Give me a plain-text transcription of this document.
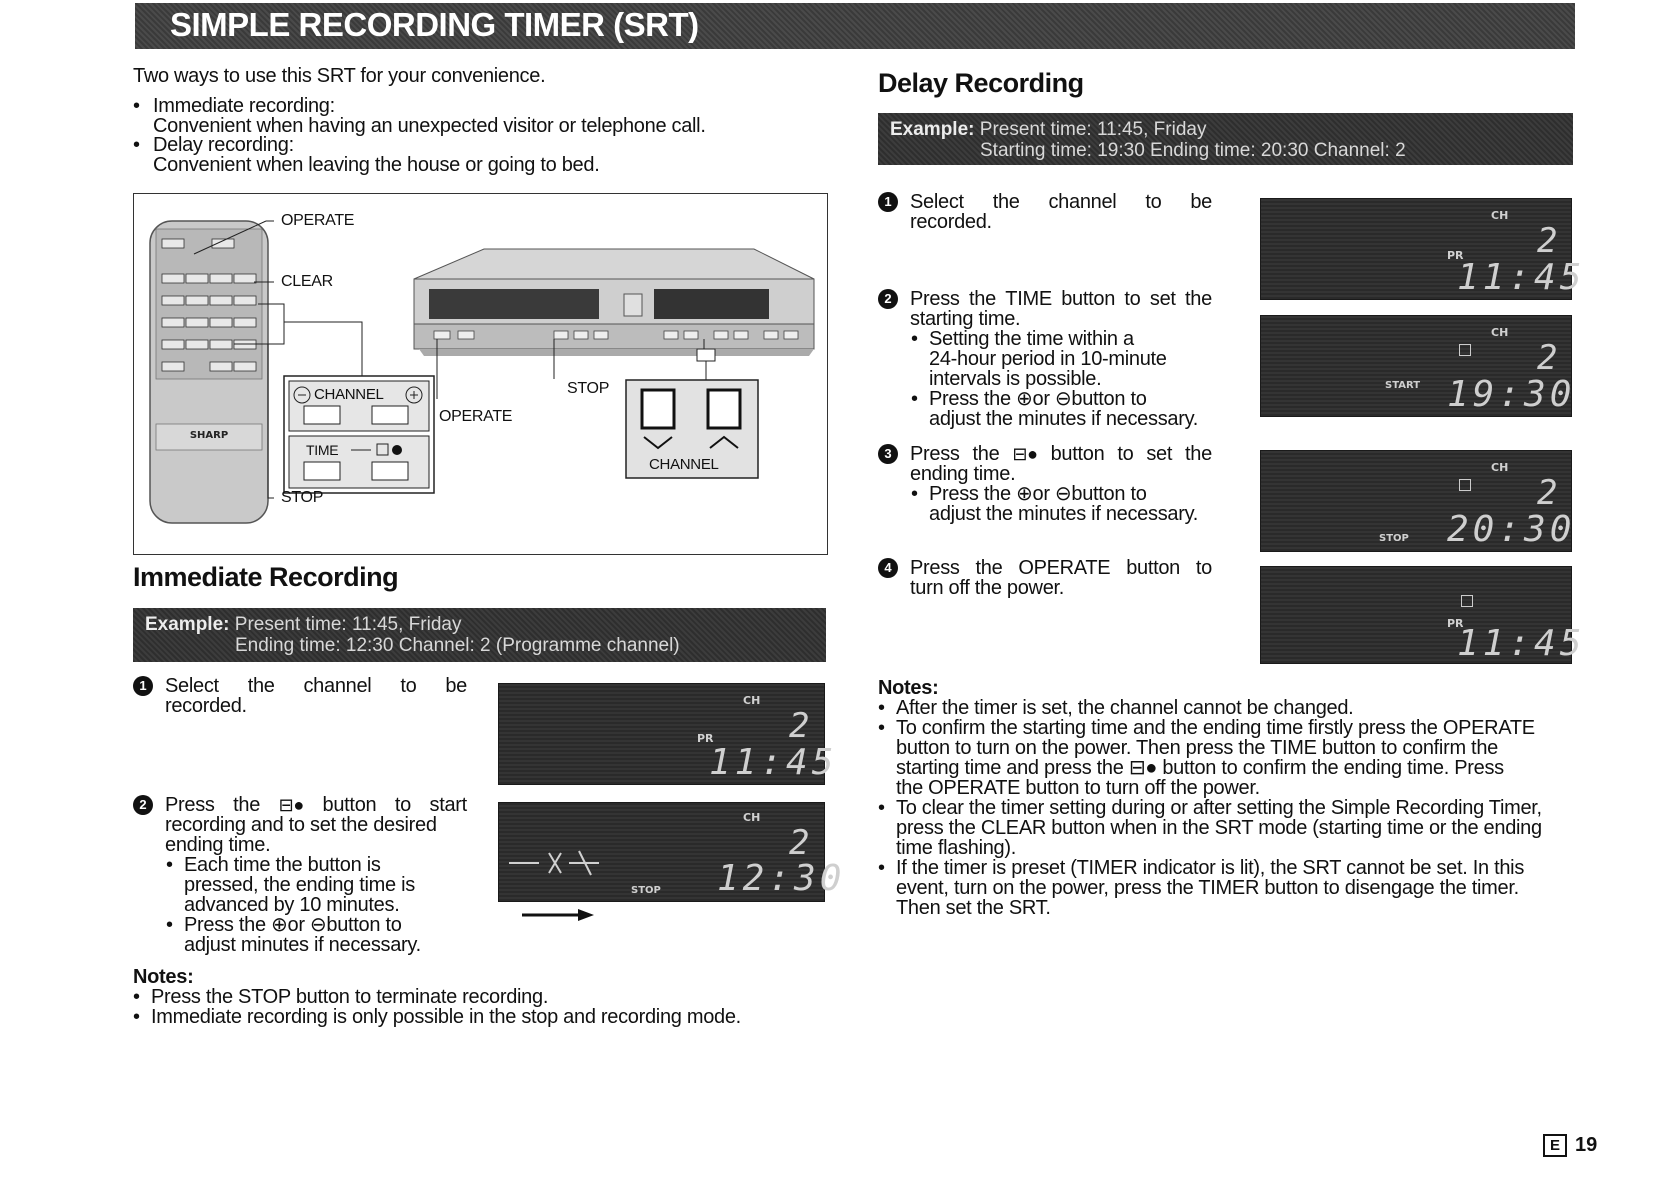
SIMPLE RECORDING TIMER (SRT)
Two ways to use this SRT for your convenience.
• Immediate recording:
Convenient when having an unexpected visitor or telephone call.
• Delay recording:
Convenient when leaving the house or going to bed.
SHARP
OPERATE
CLEAR
STOP
CHANNEL
TIME
OPERATE
STOP
CHANNEL
Immediate Recording
Example: Present time: 11:45, Friday
Ending time: 12:30 Channel: 2 (Programme channel)
1 Select the channel to be
recorded.
2 Press the ⊟● button to start
recording and to set the desired
ending time.
• Each time the button is
pressed, the ending time is
advanced by 10 minutes.
• Press the ⊕or ⊖button to
adjust minutes if necessary.
CH
PR 2
11:45
CH
STOP
2
12:30
Notes:
• Press the STOP button to terminate recording.
• Immediate recording is only possible in the stop and recording mode.
Delay Recording
Example: Present time: 11:45, Friday
Starting time: 19:30 Ending time: 20:30 Channel: 2
1 Select the channel to be
recorded.
2 Press the TIME button to set the
starting time.
• Setting the time within a
24-hour period in 10-minute
intervals is possible.
• Press the ⊕or ⊖button to
adjust the minutes if necessary.
3 Press the ⊟● button to set the
ending time.
• Press the ⊕or ⊖button to
adjust the minutes if necessary.
4 Press the OPERATE button to
turn off the power.
CH
PR 2
11:45
CH
START
2
19:30
CH
STOP
2
20:30
PR
11:45
Notes:
• After the timer is set, the channel cannot be changed.
• To confirm the starting time and the ending time firstly press the OPERATE
button to turn on the power. Then press the TIME button to confirm the
starting time and press the ⊟● button to confirm the ending time. Press
the OPERATE button to turn off the power.
• To clear the timer setting during or after setting the Simple Recording Timer,
press the CLEAR button when in the SRT mode (starting time or the ending
time flashing).
• If the timer is preset (TIMER indicator is lit), the SRT cannot be set. In this
event, turn on the power, press the TIMER button to disengage the timer.
Then set the SRT.
E 19
